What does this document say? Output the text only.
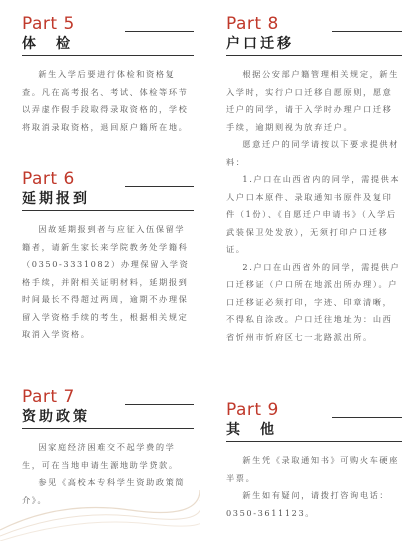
Part 5
体　检

新生入学后要进行体检和资格复查。凡在高考报名、考试、体检等环节以弄虚作假手段取得录取资格的，学校将取消录取资格，退回原户籍所在地。

Part 6
延期报到

因故延期报到者与应征入伍保留学籍者，请新生家长来学院教务处学籍科（0350-3331082）办理保留入学资格手续，并附相关证明材料，延期报到时间最长不得超过两周，逾期不办理保留入学资格手续的考生，根据相关规定取消入学资格。

Part 7
资助政策

因家庭经济困难交不起学费的学生，可在当地申请生源地助学贷款。

参见《高校本专科学生资助政策简介》。

Part 8
户口迁移

根据公安部户籍管理相关规定，新生入学时，实行户口迁移自愿原则，愿意迁户的同学，请于入学时办理户口迁移手续，逾期则视为放弃迁户。

愿意迁户的同学请按以下要求提供材料：

1.户口在山西省内的同学，需提供本人户口本原件、录取通知书原件及复印件（1份）、《自愿迁户申请书》（入学后武装保卫处发放），无须打印户口迁移证。

2.户口在山西省外的同学，需提供户口迁移证（户口所在地派出所办理）。户口迁移证必须打印，字迹、印章清晰，不得私自涂改。户口迁往地址为：山西省忻州市忻府区七一北路派出所。

Part 9
其　他

新生凭《录取通知书》可购火车硬座半票。

新生如有疑问，请拨打咨询电话：0350-3611123。
